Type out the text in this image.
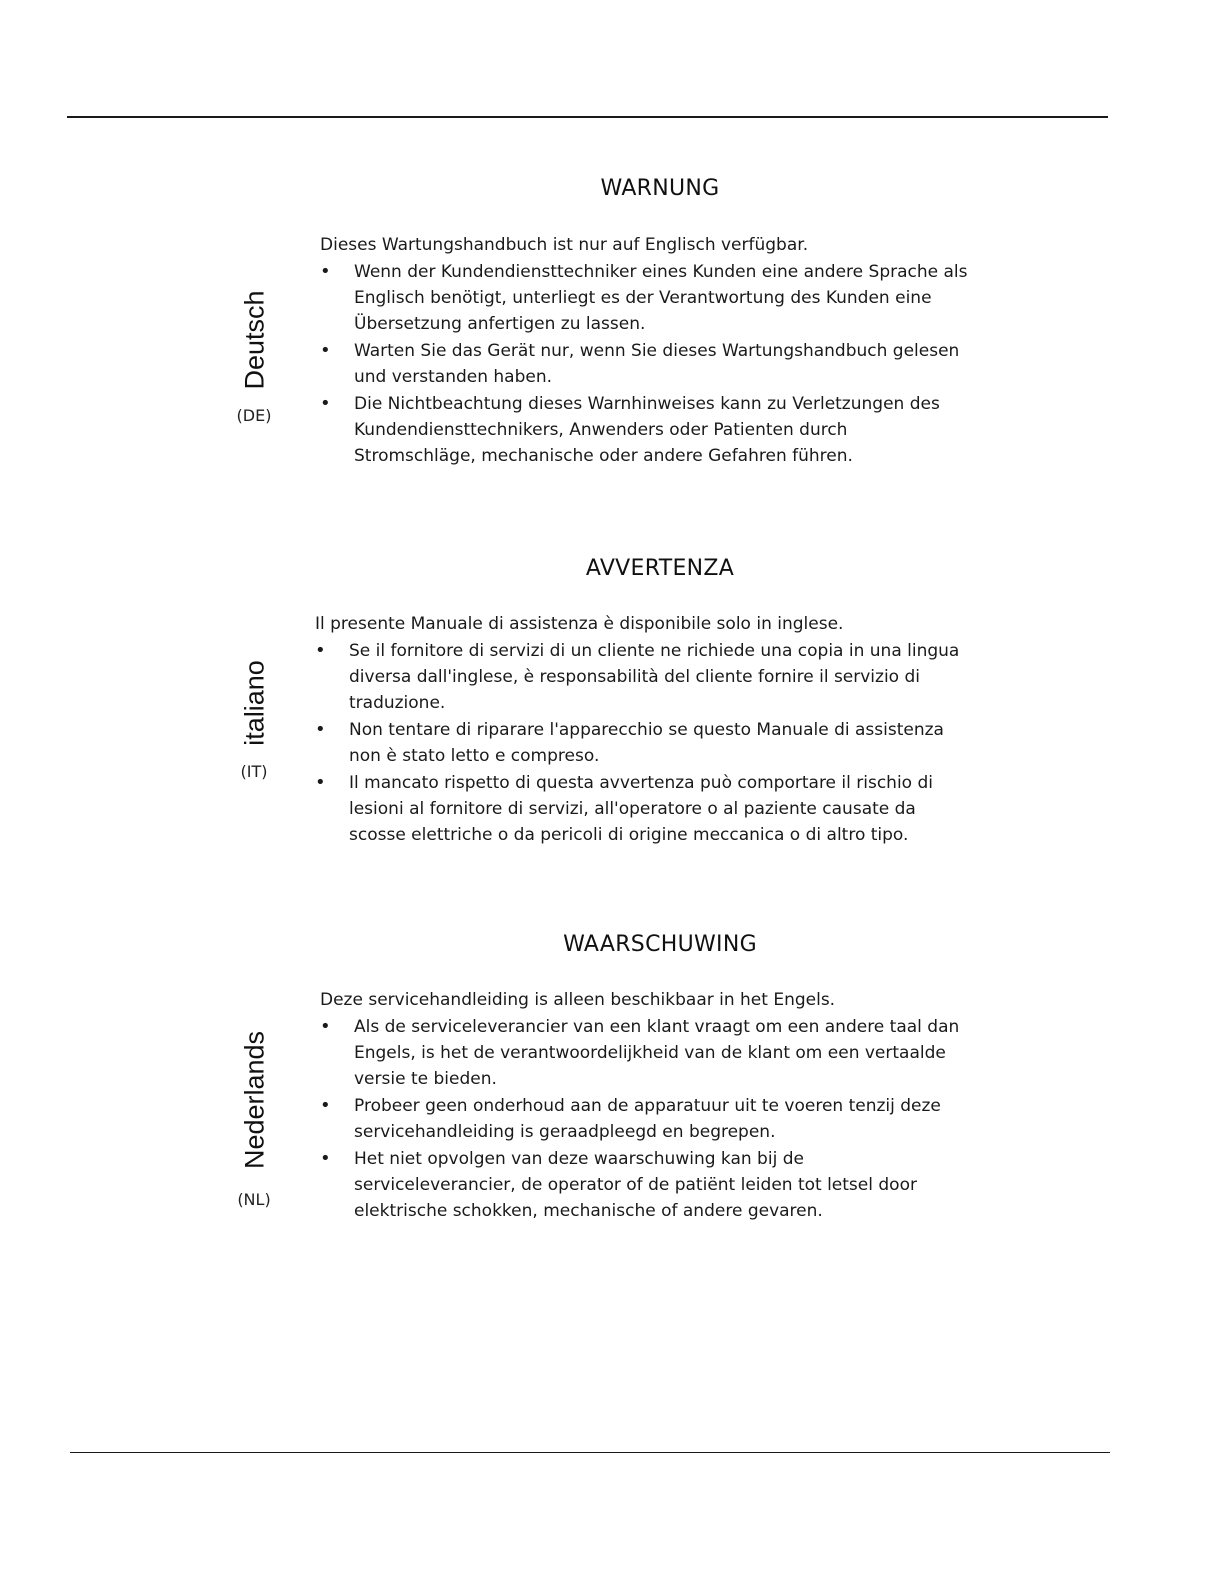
Deutsch
(DE)
WARNUNG
Dieses Wartungshandbuch ist nur auf Englisch verfügbar.
• Wenn der Kundendiensttechniker eines Kunden eine andere Sprache als Englisch benötigt, unterliegt es der Verantwortung des Kunden eine Übersetzung anfertigen zu lassen.
• Warten Sie das Gerät nur, wenn Sie dieses Wartungshandbuch gelesen und verstanden haben.
• Die Nichtbeachtung dieses Warnhinweises kann zu Verletzungen des Kundendiensttechnikers, Anwenders oder Patienten durch Stromschläge, mechanische oder andere Gefahren führen.
italiano
(IT)
AVVERTENZA
Il presente Manuale di assistenza è disponibile solo in inglese.
• Se il fornitore di servizi di un cliente ne richiede una copia in una lingua diversa dall'inglese, è responsabilità del cliente fornire il servizio di traduzione.
• Non tentare di riparare l'apparecchio se questo Manuale di assistenza non è stato letto e compreso.
• Il mancato rispetto di questa avvertenza può comportare il rischio di lesioni al fornitore di servizi, all'operatore o al paziente causate da scosse elettriche o da pericoli di origine meccanica o di altro tipo.
Nederlands
(NL)
WAARSCHUWING
Deze servicehandleiding is alleen beschikbaar in het Engels.
• Als de serviceleverancier van een klant vraagt om een andere taal dan Engels, is het de verantwoordelijkheid van de klant om een vertaalde versie te bieden.
• Probeer geen onderhoud aan de apparatuur uit te voeren tenzij deze servicehandleiding is geraadpleegd en begrepen.
• Het niet opvolgen van deze waarschuwing kan bij de serviceleverancier, de operator of de patiënt leiden tot letsel door elektrische schokken, mechanische of andere gevaren.
